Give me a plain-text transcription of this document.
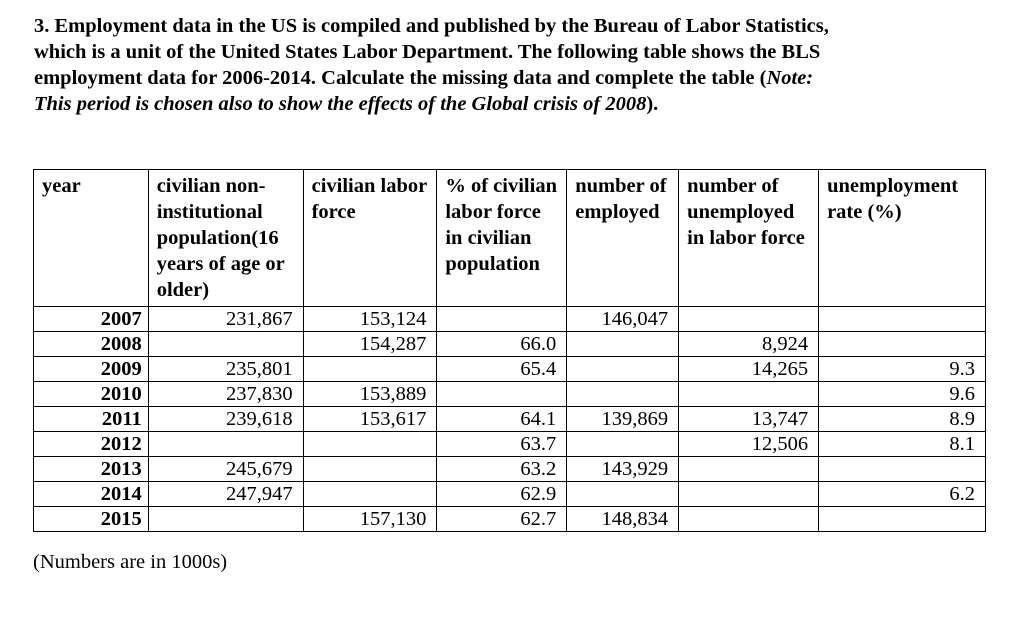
3. Employment data in the US is compiled and published by the Bureau of Labor Statistics, which is a unit of the United States Labor Department. The following table shows the BLS employment data for 2006-2014. Calculate the missing data and complete the table (Note: This period is chosen also to show the effects of the Global crisis of 2008).

year	civilian non-institutional population(16 years of age or older)	civilian labor force	% of civilian labor force in civilian population	number of employed	number of unemployed in labor force	unemployment rate (%)
2007	231,867	153,124		146,047		
2008		154,287	66.0		8,924	
2009	235,801		65.4		14,265	9.3
2010	237,830	153,889				9.6
2011	239,618	153,617	64.1	139,869	13,747	8.9
2012			63.7		12,506	8.1
2013	245,679		63.2	143,929		
2014	247,947		62.9			6.2
2015		157,130	62.7	148,834		

(Numbers are in 1000s)
